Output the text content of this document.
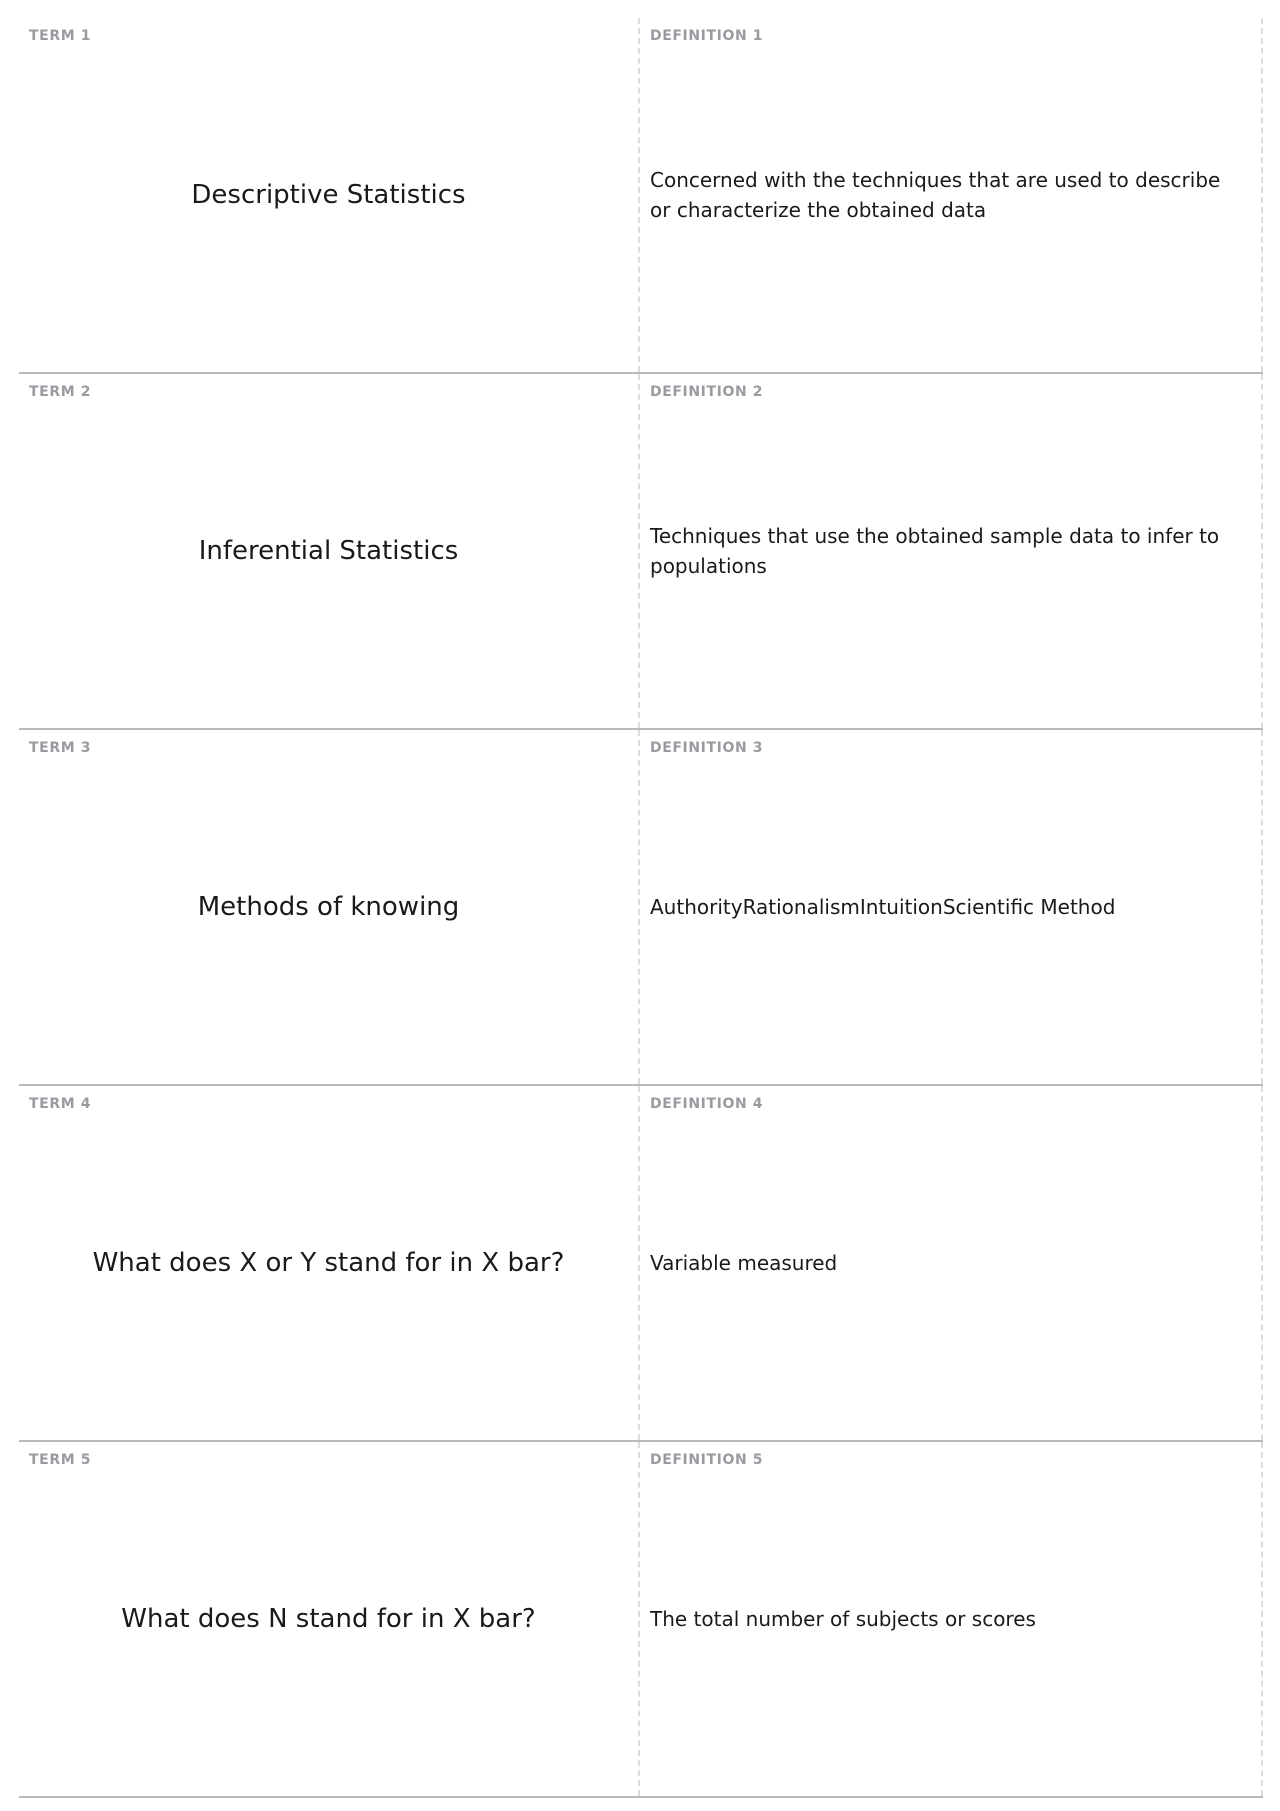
TERM 1
Descriptive Statistics
DEFINITION 1
Concerned with the techniques that are used to describe or characterize the obtained data
TERM 2
Inferential Statistics
DEFINITION 2
Techniques that use the obtained sample data to infer to populations
TERM 3
Methods of knowing
DEFINITION 3
AuthorityRationalismIntuitionScientific Method
TERM 4
What does X or Y stand for in X bar?
DEFINITION 4
Variable measured
TERM 5
What does N stand for in X bar?
DEFINITION 5
The total number of subjects or scores
